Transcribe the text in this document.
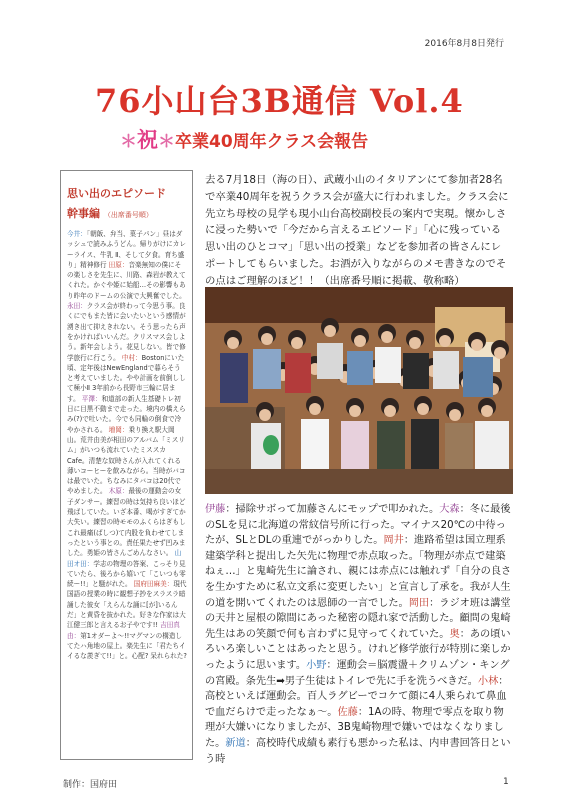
2016年8月8日発行
76小山台3B通信 Vol.4
＊祝＊卒業40周年クラス会報告
思い出のエピソード
幹事編 （出席番号順）
今井：「朝飯、弁当、菓子パン」昼はダッシュで読みふうどん。帰りがけにカレーライス、牛乳 Ⅱ、そして夕食。育ち盛り」精神修行 田原：音楽無知の僕にその楽しさを先生に、川路、森岩が教えてくれた。かぐや姫に始船…その影響もあり昨年のドームの公演で大興奮でした。 永田：クラス会が終わって今思う事。良くにでもまた皆に会いたいという感情が湧き出て抑えきれない。そう思ったら声をかければいいんだ。クリスマス会しよう。新年会しよう。花見しない。皆で修学旅行に行こう。 中村：Bostonにいた頃、定年後はNewEnglandで暮らそうと考えていました。やや計画を前倒しして極小Ⅱ 3年前から長野市三輪に居ます。 平澤：和道部の新人生基礎トレ初日に目黒不動まで走った。境内の橋えらみ(?)で吐いた。今でも同輪の倒食で冷やかされる。 増岡：乗り換え駅大岡山。荒井由美が相田のアルバム「ミスリム」がいつも流れていたミススカCafe。清楚な奴時さんが入れてくれる薄いコーヒーを飲みながら。当時がバコは最でいた。ちなみにタバコは20代でやめました。 木原：最後の運動会の女子ダンサー。練習の時は気持ち良いほど飛ばしていた。いざ本番、喝がすぎてか大失い。練習の時モモのふくらはぎもしこれ最痛(ばしつ)て内股を負わせてしまったという事との。責任果たせず凹みました。勇姫の皆さんごめんなさい。 山田オ田：学志の物理の答案、こっそり見ていたら、後ろから嬉いて「こいつも零続ー!!」と騒がれた。 国府田麻美：現代国語の授業の時に観想子抄をスラスラ暗誦した彼女「えらんな誦に[が]いるんだ」と黄昏を抜かれた。好きな作家は大江健三郎と言えるお子やです!! 吉田真由：第1オダーよ〜!!マグマンの構造してたハ角地の屋上。楽先生に「君たちイイるな羨ぎて!!」と。心配? 呆れられた?
去る7月18日（海の日）、武蔵小山のイタリアンにて参加者28名で卒業40周年を祝うクラス会が盛大に行われました。クラス会に先立ち母校の見学も現小山台高校副校長の案内で実現。懐かしさに浸った勢いで「今だから言えるエピソード」「心に残っている思い出のひとコマ」「思い出の授業」などを参加者の皆さんにレポートしてもらいました。お酒が入りながらのメモ書きなのでその点はご理解のほど！！（出席番号順に掲載、敬称略）
伊藤：掃除サボって加藤さんにモップで叩かれた。大森：冬に最後のSLを見に北海道の常紋信号所に行った。マイナス20℃の中待ったが、SLとDLの重連でがっかりした。岡井：進路希望は国立理系建築学科と提出した矢先に物理で赤点取った。「物理が赤点で建築ねぇ…」と鬼崎先生に論され、親には赤点には触れず「自分の良さを生かすために私立文系に変更したい」と宣言し了承を。我が人生の道を開いてくれたのは恩師の一言でした。岡田：ラジオ班は講堂の天井と屋根の隙間にあった秘密の隠れ家で活動した。顧問の鬼崎先生はあの笑顔で何も言わずに見守ってくれていた。奥：あの頃いろいろ楽しいことはあったと思う。けれど修学旅行が特別に楽しかったように思います。小野：運動会＝脳震盪＋クリムゾン・キングの宮殿。条先生➡男子生徒はトイレで先に手を洗うべきだ。小林：高校といえば運動会。百人ラグビーでコケて顔に4人乗られて鼻血で血だらけで走ったなぁ～。佐藤：1Aの時、物理で零点を取り物理が大嫌いになりましたが、3B鬼崎物理で嫌いではなくなりました。新道：高校時代成績も素行も悪かった私は、内申書回答日という時
制作：国府田	1
